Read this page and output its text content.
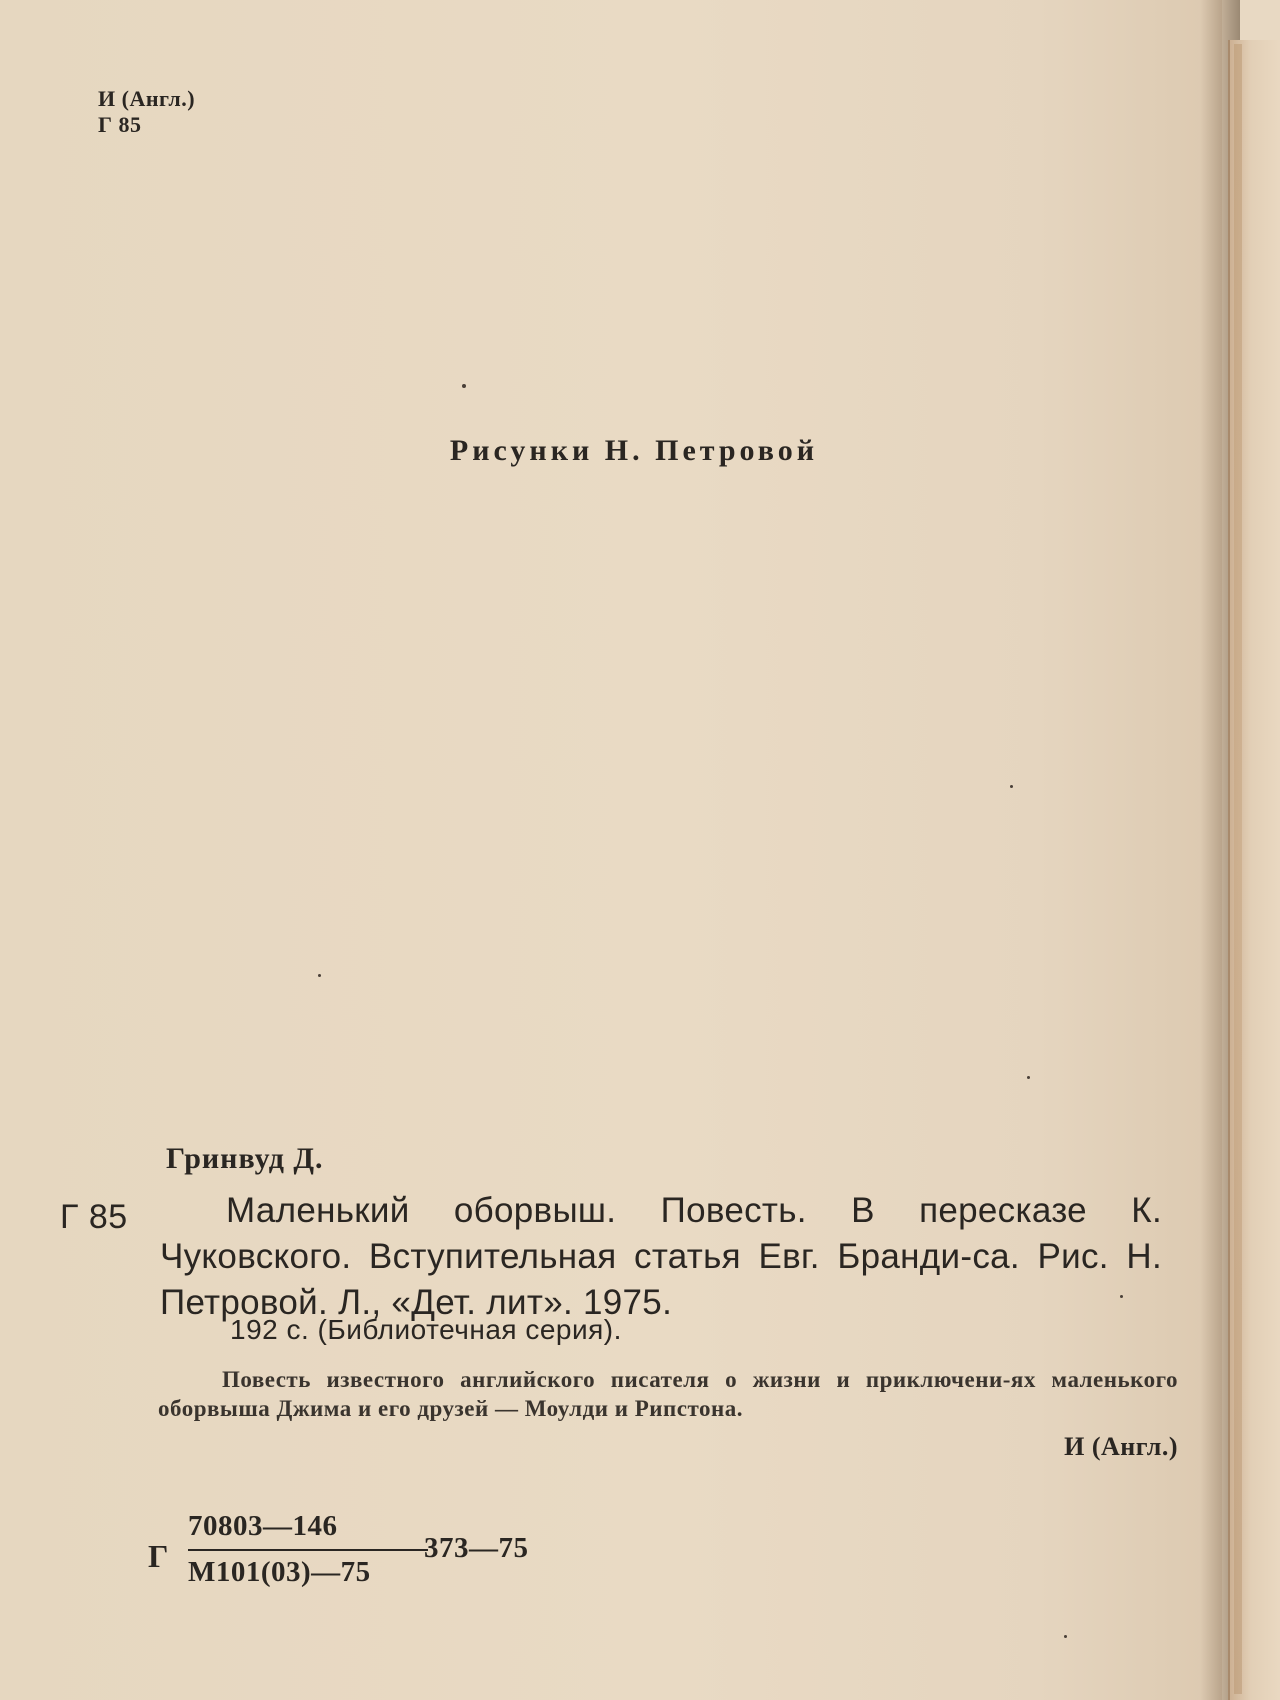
И (Англ.)
Г 85
Рисунки Н. Петровой
Гринвуд Д.
Г 85	Маленький оборвыш. Повесть. В пересказе К. Чуковского. Вступительная статья Евг. Бранди-са. Рис. Н. Петровой. Л., «Дет. лит». 1975.
192 с. (Библиотечная серия).
Повесть известного английского писателя о жизни и приключени-ях маленького оборвыша Джима и его друзей — Моулди и Рипстона.
И (Англ.)
Г
70803—146
М101(03)—75
373—75
